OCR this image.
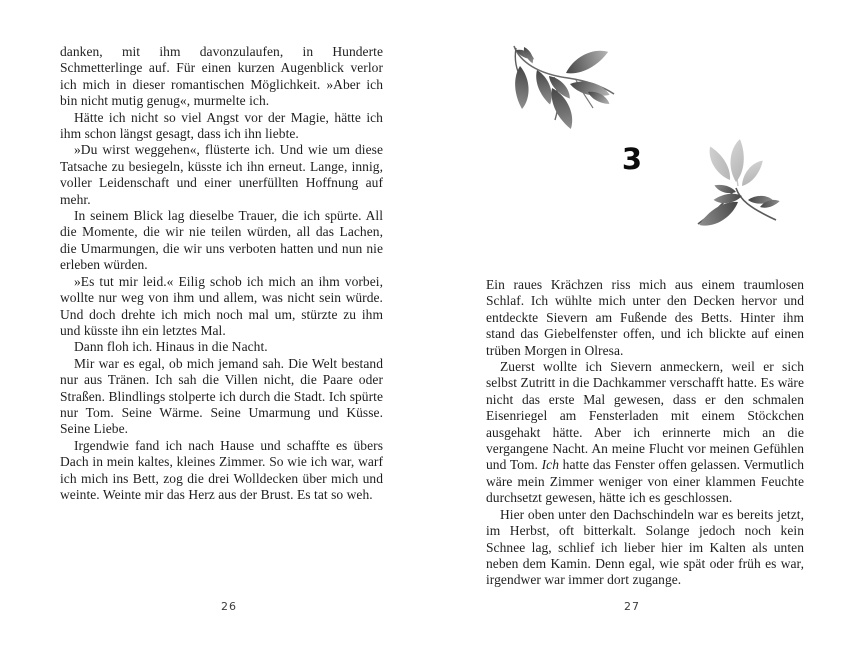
danken, mit ihm davonzulaufen, in Hunderte Schmetterlinge auf. Für einen kurzen Augenblick verlor ich mich in dieser romantischen Möglichkeit. »Aber ich bin nicht mutig genug«, murmelte ich.

Hätte ich nicht so viel Angst vor der Magie, hätte ich ihm schon längst gesagt, dass ich ihn liebte.

»Du wirst weggehen«, flüsterte ich. Und wie um diese Tatsache zu besiegeln, küsste ich ihn erneut. Lange, innig, voller Leidenschaft und einer unerfüllten Hoffnung auf mehr.

In seinem Blick lag dieselbe Trauer, die ich spürte. All die Momente, die wir nie teilen würden, all das Lachen, die Umarmungen, die wir uns verboten hatten und nun nie erleben würden.

»Es tut mir leid.« Eilig schob ich mich an ihm vorbei, wollte nur weg von ihm und allem, was nicht sein würde. Und doch drehte ich mich noch mal um, stürzte zu ihm und küsste ihn ein letztes Mal.

Dann floh ich. Hinaus in die Nacht.

Mir war es egal, ob mich jemand sah. Die Welt bestand nur aus Tränen. Ich sah die Villen nicht, die Paare oder Straßen. Blindlings stolperte ich durch die Stadt. Ich spürte nur Tom. Seine Wärme. Seine Umarmung und Küsse. Seine Liebe.

Irgendwie fand ich nach Hause und schaffte es übers Dach in mein kaltes, kleines Zimmer. So wie ich war, warf ich mich ins Bett, zog die drei Wolldecken über mich und weinte. Weinte mir das Herz aus der Brust. Es tat so weh.

26
3

Ein raues Krächzen riss mich aus einem traumlosen Schlaf. Ich wühlte mich unter den Decken hervor und entdeckte Sievern am Fußende des Betts. Hinter ihm stand das Giebelfenster offen, und ich blickte auf einen trüben Morgen in Olresa.

Zuerst wollte ich Sievern anmeckern, weil er sich selbst Zutritt in die Dachkammer verschafft hatte. Es wäre nicht das erste Mal gewesen, dass er den schmalen Eisenriegel am Fensterladen mit einem Stöckchen ausgehakt hätte. Aber ich erinnerte mich an die vergangene Nacht. An meine Flucht vor meinen Gefühlen und Tom. Ich hatte das Fenster offen gelassen. Vermutlich wäre mein Zimmer weniger von einer klammen Feuchte durchsetzt gewesen, hätte ich es geschlossen.

Hier oben unter den Dachschindeln war es bereits jetzt, im Herbst, oft bitterkalt. Solange jedoch noch kein Schnee lag, schlief ich lieber hier im Kalten als unten neben dem Kamin. Denn egal, wie spät oder früh es war, irgendwer war immer dort zugange.

27
